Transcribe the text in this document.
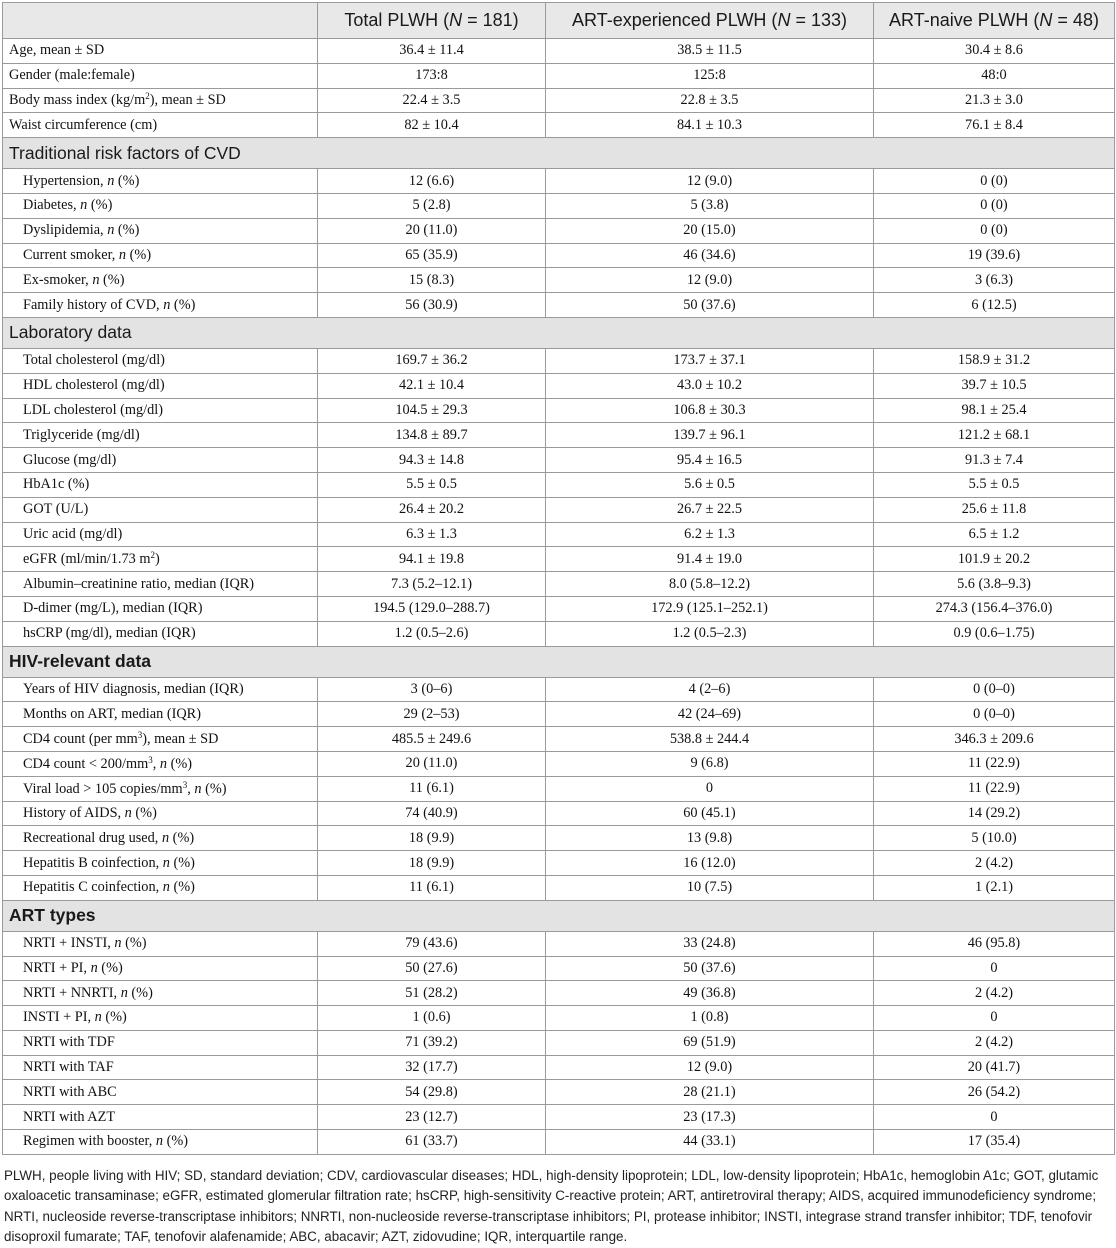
	Total PLWH (N = 181)	ART-experienced PLWH (N = 133)	ART-naive PLWH (N = 48)
Age, mean ± SD	36.4 ± 11.4	38.5 ± 11.5	30.4 ± 8.6
Gender (male:female)	173:8	125:8	48:0
Body mass index $(kg/m^2)$, mean ± SD	22.4 ± 3.5	22.8 ± 3.5	21.3 ± 3.0
Waist circumference (cm)	82 ± 10.4	84.1 ± 10.3	76.1 ± 8.4
Traditional risk factors of CVD			
Hypertension, n (%)	12 (6.6)	12 (9.0)	0 (0)
Diabetes, n (%)	5 (2.8)	5 (3.8)	0 (0)
Dyslipidemia, n (%)	20 (11.0)	20 (15.0)	0 (0)
Current smoker, n (%)	65 (35.9)	46 (34.6)	19 (39.6)
Ex-smoker, n (%)	15 (8.3)	12 (9.0)	3 (6.3)
Family history of CVD, n (%)	56 (30.9)	50 (37.6)	6 (12.5)
Laboratory data			
Total cholesterol (mg/dl)	169.7 ± 36.2	173.7 ± 37.1	158.9 ± 31.2
HDL cholesterol (mg/dl)	42.1 ± 10.4	43.0 ± 10.2	39.7 ± 10.5
LDL cholesterol (mg/dl)	104.5 ± 29.3	106.8 ± 30.3	98.1 ± 25.4
Triglyceride (mg/dl)	134.8 ± 89.7	139.7 ± 96.1	121.2 ± 68.1
Glucose (mg/dl)	94.3 ± 14.8	95.4 ± 16.5	91.3 ± 7.4
HbA1c (%)	5.5 ± 0.5	5.6 ± 0.5	5.5 ± 0.5
GOT (U/L)	26.4 ± 20.2	26.7 ± 22.5	25.6 ± 11.8
Uric acid (mg/dl)	6.3 ± 1.3	6.2 ± 1.3	6.5 ± 1.2
eGFR (ml/min/1.73 $m^2$)	94.1 ± 19.8	91.4 ± 19.0	101.9 ± 20.2
Albumin–creatinine ratio, median (IQR)	7.3 (5.2–12.1)	8.0 (5.8–12.2)	5.6 (3.8–9.3)
D-dimer (mg/L), median (IQR)	194.5 (129.0–288.7)	172.9 (125.1–252.1)	274.3 (156.4–376.0)
hsCRP (mg/dl), median (IQR)	1.2 (0.5–2.6)	1.2 (0.5–2.3)	0.9 (0.6–1.75)
HIV-relevant data			
Years of HIV diagnosis, median (IQR)	3 (0–6)	4 (2–6)	0 (0–0)
Months on ART, median (IQR)	29 (2–53)	42 (24–69)	0 (0–0)
CD4 count (per $mm^3$), mean ± SD	485.5 ± 249.6	538.8 ± 244.4	346.3 ± 209.6
CD4 count < $200/mm^3$, n (%)	20 (11.0)	9 (6.8)	11 (22.9)
Viral load > 105 copies/$mm^3$, n (%)	11 (6.1)	0	11 (22.9)
History of AIDS, n (%)	74 (40.9)	60 (45.1)	14 (29.2)
Recreational drug used, n (%)	18 (9.9)	13 (9.8)	5 (10.0)
Hepatitis B coinfection, n (%)	18 (9.9)	16 (12.0)	2 (4.2)
Hepatitis C coinfection, n (%)	11 (6.1)	10 (7.5)	1 (2.1)
ART types			
NRTI + INSTI, n (%)	79 (43.6)	33 (24.8)	46 (95.8)
NRTI + PI, n (%)	50 (27.6)	50 (37.6)	0
NRTI + NNRTI, n (%)	51 (28.2)	49 (36.8)	2 (4.2)
INSTI + PI, n (%)	1 (0.6)	1 (0.8)	0
NRTI with TDF	71 (39.2)	69 (51.9)	2 (4.2)
NRTI with TAF	32 (17.7)	12 (9.0)	20 (41.7)
NRTI with ABC	54 (29.8)	28 (21.1)	26 (54.2)
NRTI with AZT	23 (12.7)	23 (17.3)	0
Regimen with booster, n (%)	61 (33.7)	44 (33.1)	17 (35.4)
PLWH, people living with HIV; SD, standard deviation; CDV, cardiovascular diseases; HDL, high-density lipoprotein; LDL, low-density lipoprotein; HbA1c, hemoglobin A1c; GOT, glutamic oxaloacetic transaminase; eGFR, estimated glomerular filtration rate; hsCRP, high-sensitivity C-reactive protein; ART, antiretroviral therapy; AIDS, acquired immunodeficiency syndrome; NRTI, nucleoside reverse-transcriptase inhibitors; NNRTI, non-nucleoside reverse-transcriptase inhibitors; PI, protease inhibitor; INSTI, integrase strand transfer inhibitor; TDF, tenofovir disoproxil fumarate; TAF, tenofovir alafenamide; ABC, abacavir; AZT, zidovudine; IQR, interquartile range.
